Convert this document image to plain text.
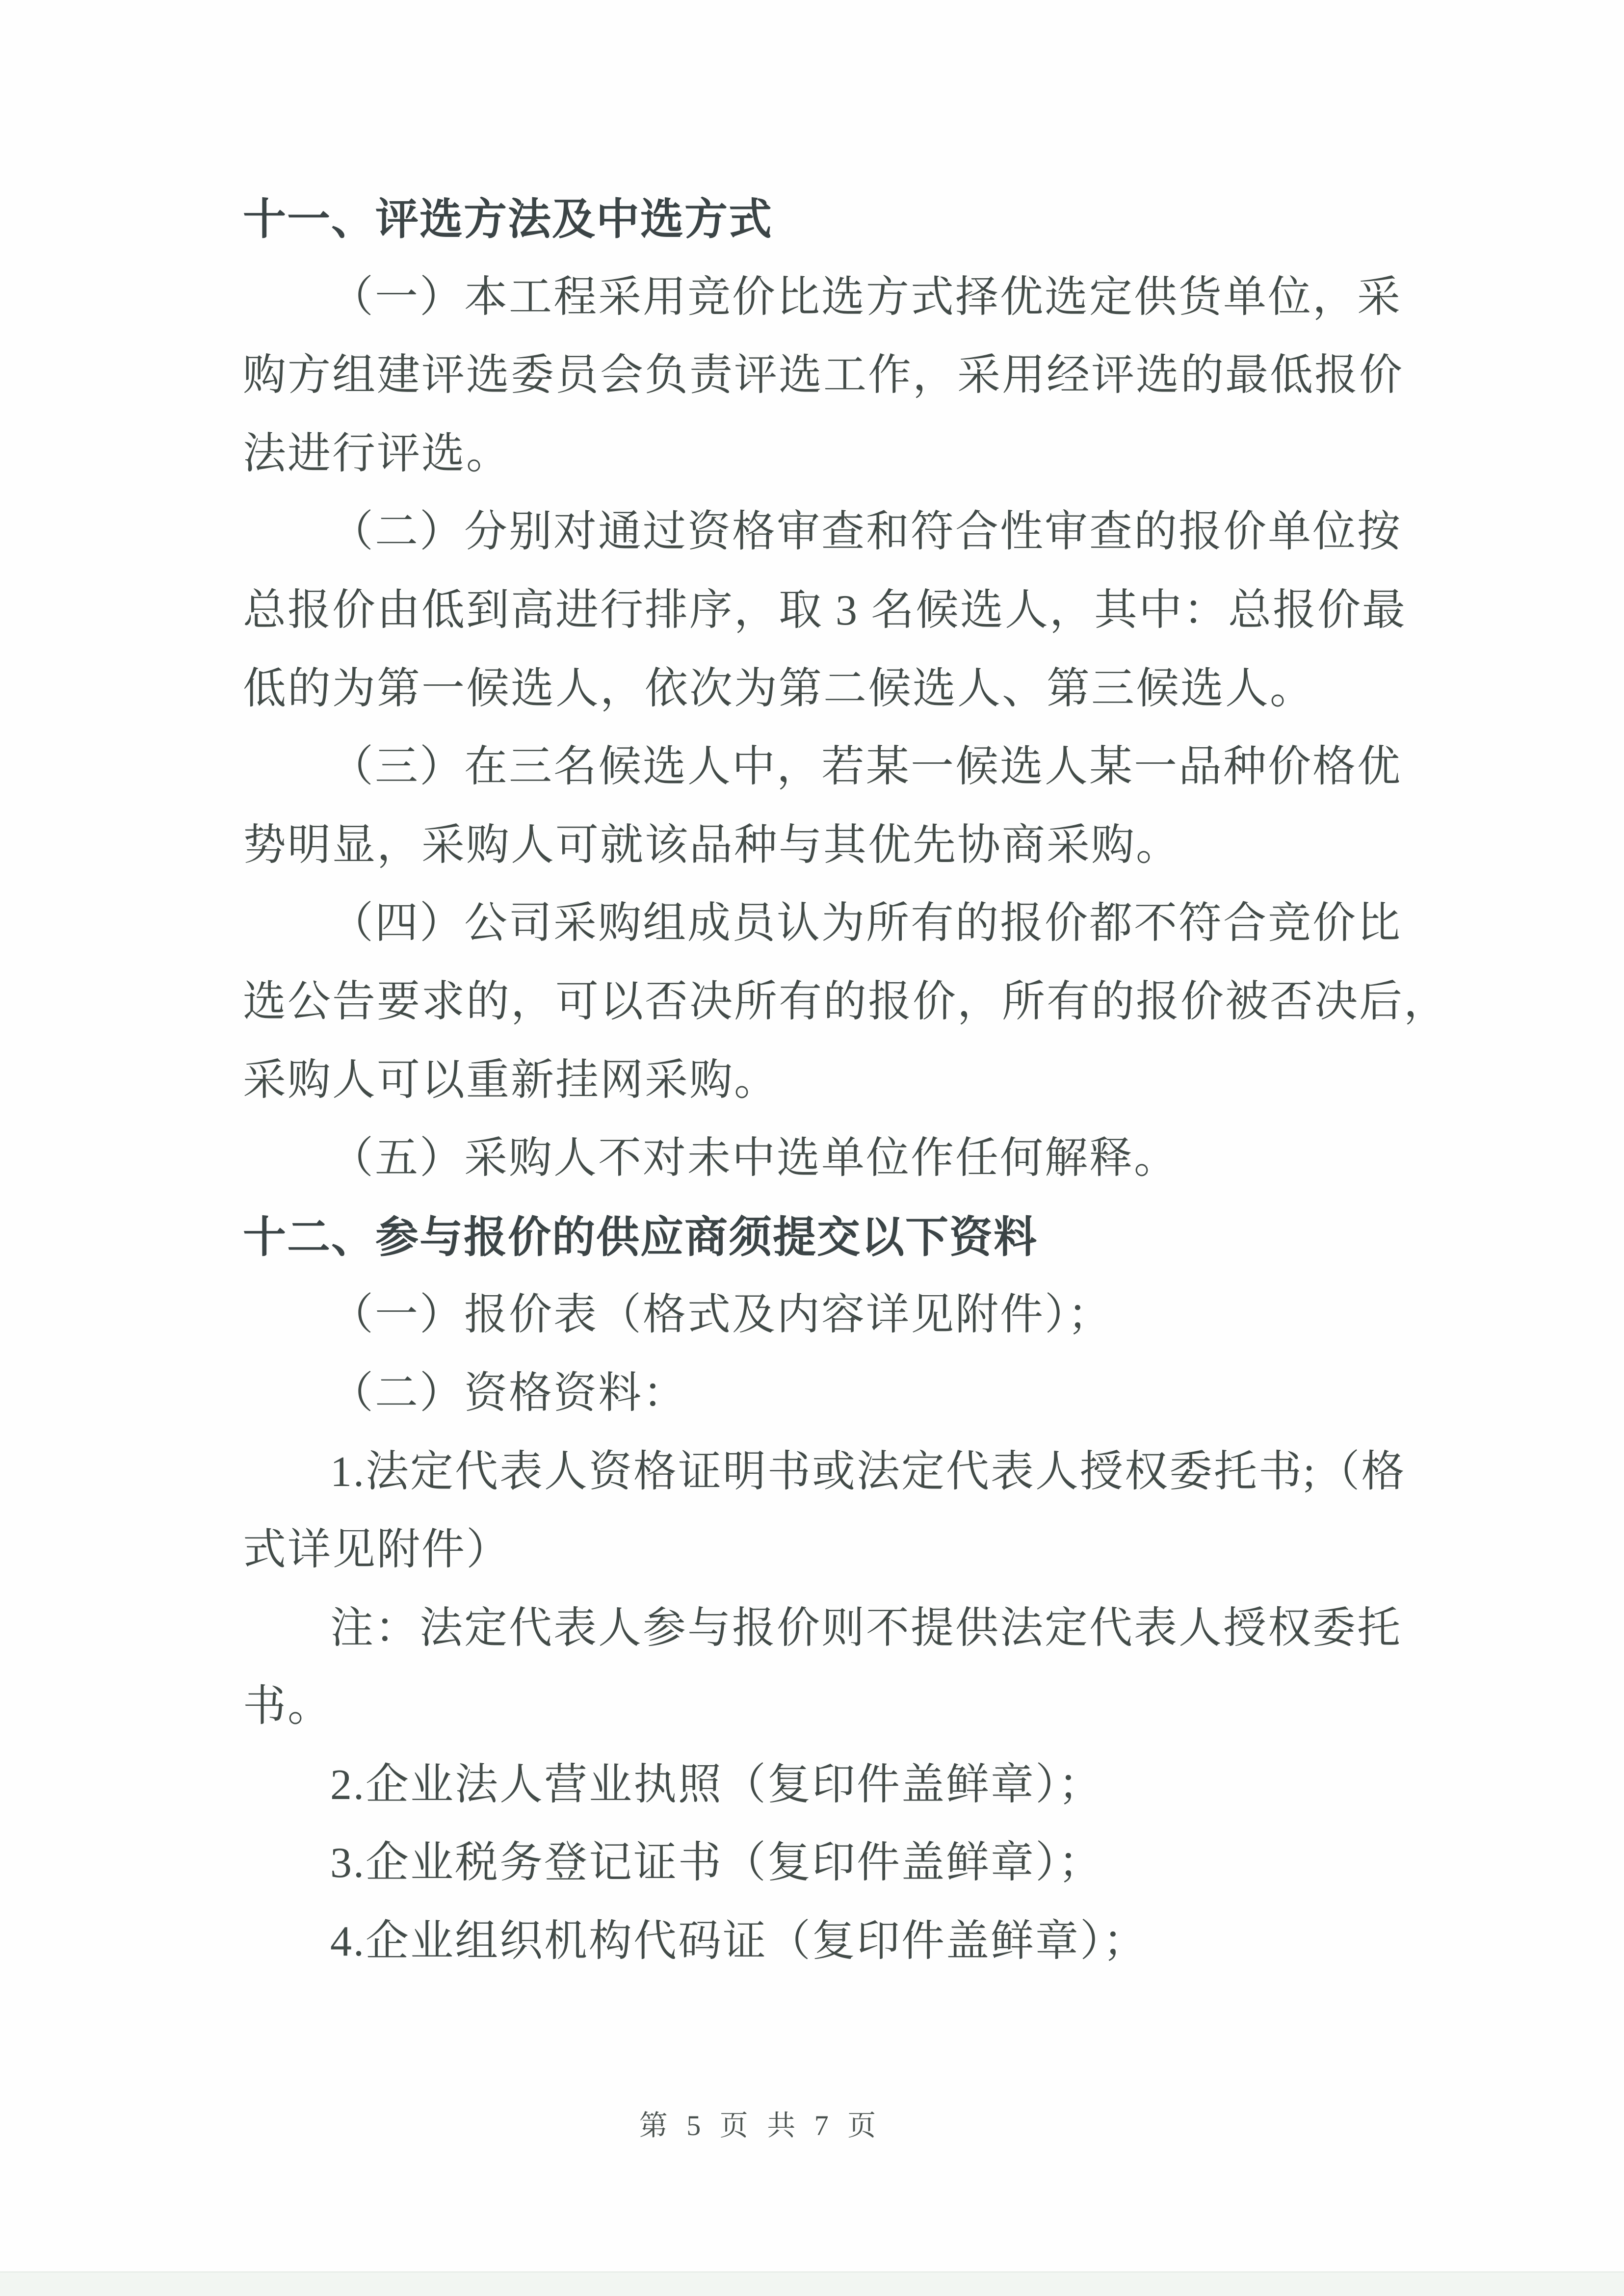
十一、评选方法及中选方式
（一）本工程采用竞价比选方式择优选定供货单位，采
购方组建评选委员会负责评选工作，采用经评选的最低报价
法进行评选。
（二）分别对通过资格审查和符合性审查的报价单位按
总报价由低到高进行排序，取 3 名候选人，其中：总报价最
低的为第一候选人，依次为第二候选人、第三候选人。
（三）在三名候选人中，若某一候选人某一品种价格优
势明显，采购人可就该品种与其优先协商采购。
（四）公司采购组成员认为所有的报价都不符合竞价比
选公告要求的，可以否决所有的报价，所有的报价被否决后，
采购人可以重新挂网采购。
（五）采购人不对未中选单位作任何解释。
十二、参与报价的供应商须提交以下资料
（一）报价表（格式及内容详见附件）；
（二）资格资料：
1.法定代表人资格证明书或法定代表人授权委托书;（格
式详见附件）
注：法定代表人参与报价则不提供法定代表人授权委托
书。
2.企业法人营业执照（复印件盖鲜章）；
3.企业税务登记证书（复印件盖鲜章）；
4.企业组织机构代码证（复印件盖鲜章）；
第 5 页 共 7 页
